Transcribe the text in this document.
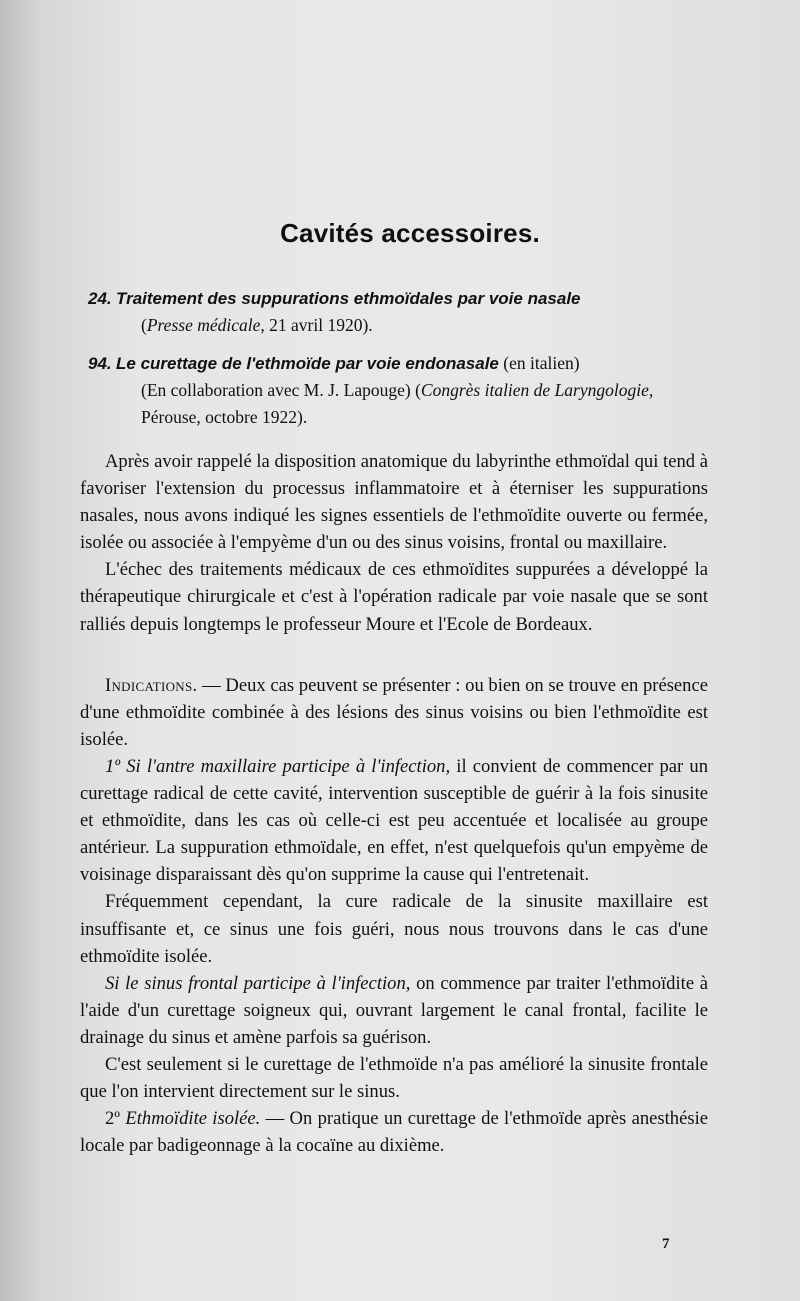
Cavités accessoires.
24. Traitement des suppurations ethmoïdales par voie nasale
(Presse médicale, 21 avril 1920).
94. Le curettage de l'ethmoïde par voie endonasale (en italien)
(En collaboration avec M. J. Lapouge) (Congrès italien de Laryngologie, Pérouse, octobre 1922).

Après avoir rappelé la disposition anatomique du labyrinthe ethmoïdal qui tend à favoriser l'extension du processus inflammatoire et à éterniser les suppurations nasales, nous avons indiqué les signes essentiels de l'ethmoïdite ouverte ou fermée, isolée ou associée à l'empyème d'un ou des sinus voisins, frontal ou maxillaire.

L'échec des traitements médicaux de ces ethmoïdites suppurées a développé la thérapeutique chirurgicale et c'est à l'opération radicale par voie nasale que se sont ralliés depuis longtemps le professeur Moure et l'Ecole de Bordeaux.

Indications. — Deux cas peuvent se présenter : ou bien on se trouve en présence d'une ethmoïdite combinée à des lésions des sinus voisins ou bien l'ethmoïdite est isolée.

1º Si l'antre maxillaire participe à l'infection, il convient de commencer par un curettage radical de cette cavité, intervention susceptible de guérir à la fois sinusite et ethmoïdite, dans les cas où celle-ci est peu accentuée et localisée au groupe antérieur. La suppuration ethmoïdale, en effet, n'est quelquefois qu'un empyème de voisinage disparaissant dès qu'on supprime la cause qui l'entretenait.

Fréquemment cependant, la cure radicale de la sinusite maxillaire est insuffisante et, ce sinus une fois guéri, nous nous trouvons dans le cas d'une ethmoïdite isolée.

Si le sinus frontal participe à l'infection, on commence par traiter l'ethmoïdite à l'aide d'un curettage soigneux qui, ouvrant largement le canal frontal, facilite le drainage du sinus et amène parfois sa guérison.

C'est seulement si le curettage de l'ethmoïde n'a pas amélioré la sinusite frontale que l'on intervient directement sur le sinus.

2º Ethmoïdite isolée. — On pratique un curettage de l'ethmoïde après anesthésie locale par badigeonnage à la cocaïne au dixième.

7
